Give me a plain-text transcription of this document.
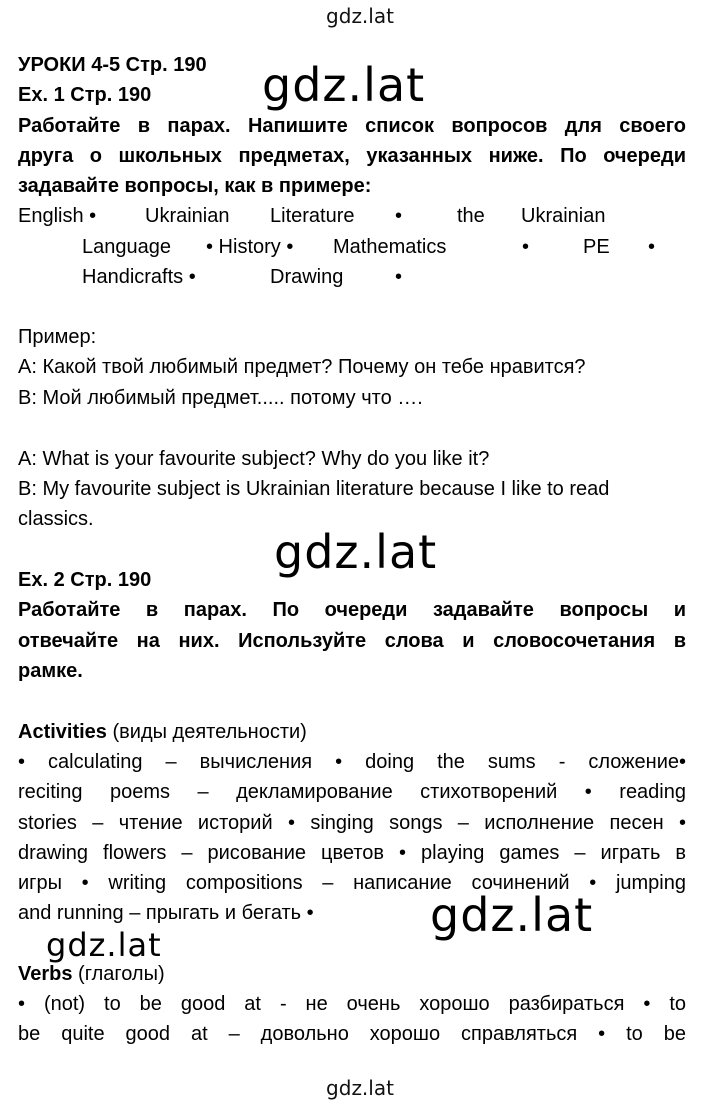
gdz.lat
УРОКИ 4-5 Стр. 190
Ex. 1 Стр. 190
Работайте в парах. Напишите список вопросов для своего
друга о школьных предметах, указанных ниже. По очереди
задавайте вопросы, как в примере:
English • Ukrainian Literature •	the Ukrainian
Language • History • Mathematics	•	PE •
Handicrafts •	Drawing	•
Пример:
А: Какой твой любимый предмет? Почему он тебе нравится?
В: Мой любимый предмет..... потому что ….
A: What is your favourite subject? Why do you like it?
B: My favourite subject is Ukrainian literature because I like to read
classics.
Ex. 2 Стр. 190
Работайте в парах. По очереди задавайте вопросы и
отвечайте на них. Используйте слова и словосочетания в
рамке.
Activities (виды деятельности)
• calculating – вычисления • doing the sums - сложение•
reciting poems – декламирование стихотворений • reading
stories – чтение историй • singing songs – исполнение песен •
drawing flowers – рисование цветов • playing games – играть в
игры • writing compositions – написание сочинений • jumping
and running – прыгать и бегать •
Verbs (глаголы)
• (not) to be good at - не очень хорошо разбираться • to
be quite good at – довольно хорошо справляться • to be
gdz.lat
gdz.lat
gdz.lat
gdz.lat
gdz.lat
